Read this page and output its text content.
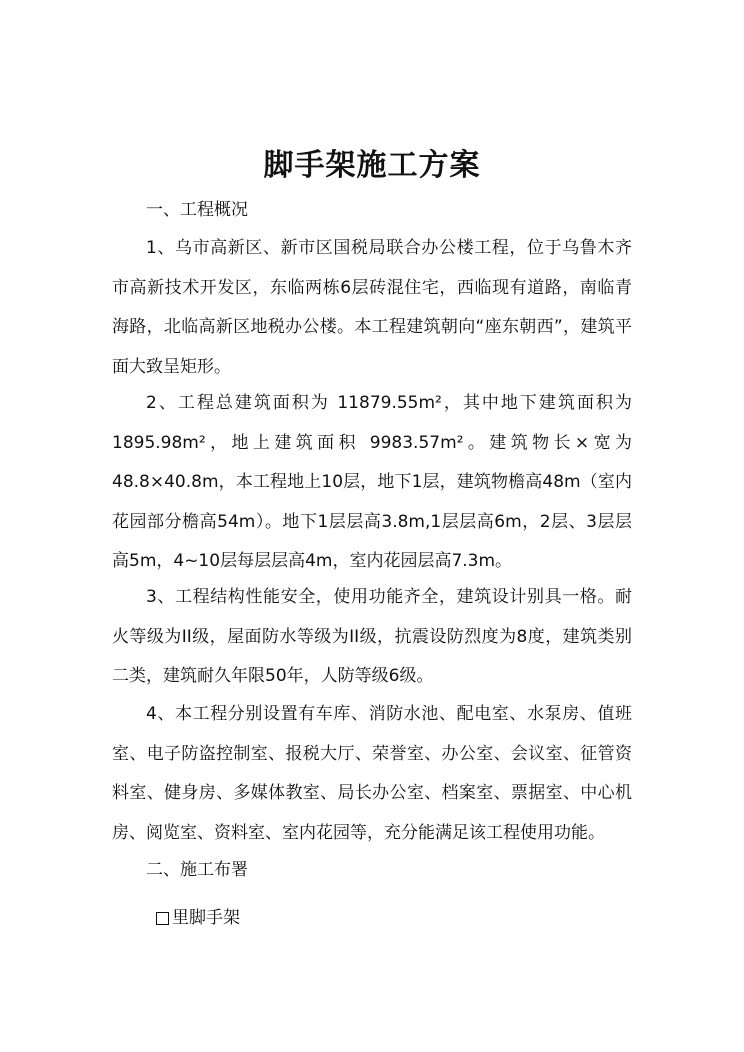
脚手架施工方案
一、工程概况
1、乌市高新区、新市区国税局联合办公楼工程，位于乌鲁木齐市高新技术开发区，东临两栋6层砖混住宅，西临现有道路，南临青海路，北临高新区地税办公楼。本工程建筑朝向“座东朝西”，建筑平面大致呈矩形。
2、工程总建筑面积为 11879.55m²，其中地下建筑面积为 1895.98m²，地上建筑面积 9983.57m²。建筑物长×宽为 48.8×40.8m，本工程地上10层，地下1层，建筑物檐高48m（室内花园部分檐高54m）。地下1层层高3.8m,1层层高6m，2层、3层层高5m，4~10层每层层高4m，室内花园层高7.3m。
3、工程结构性能安全，使用功能齐全，建筑设计别具一格。耐火等级为II级，屋面防水等级为II级，抗震设防烈度为8度，建筑类别二类，建筑耐久年限50年，人防等级6级。
4、本工程分别设置有车库、消防水池、配电室、水泵房、值班室、电子防盗控制室、报税大厅、荣誉室、办公室、会议室、征管资料室、健身房、多媒体教室、局长办公室、档案室、票据室、中心机房、阅览室、资料室、室内花园等，充分能满足该工程使用功能。
二、施工布署
里脚手架
